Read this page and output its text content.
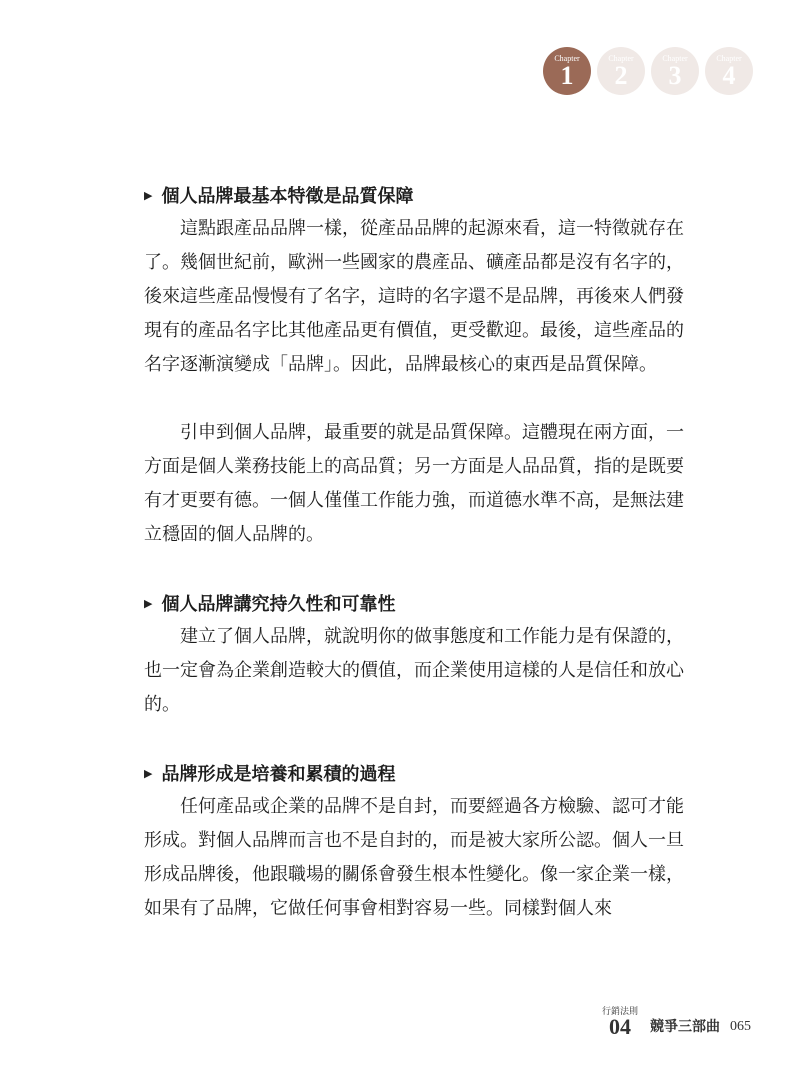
Chapter
1
Chapter
2
Chapter
3
Chapter
4
▶ 個人品牌最基本特徵是品質保障

這點跟產品品牌一樣，從產品品牌的起源來看，這一特徵就存在了。幾個世紀前，歐洲一些國家的農產品、礦產品都是沒有名字的，後來這些產品慢慢有了名字，這時的名字還不是品牌，再後來人們發現有的產品名字比其他產品更有價值，更受歡迎。最後，這些產品的名字逐漸演變成「品牌」。因此，品牌最核心的東西是品質保障。

引申到個人品牌，最重要的就是品質保障。這體現在兩方面，一方面是個人業務技能上的高品質；另一方面是人品品質，指的是既要有才更要有德。一個人僅僅工作能力強，而道德水準不高，是無法建立穩固的個人品牌的。

▶ 個人品牌講究持久性和可靠性

建立了個人品牌，就說明你的做事態度和工作能力是有保證的，也一定會為企業創造較大的價值，而企業使用這樣的人是信任和放心的。

▶ 品牌形成是培養和累積的過程

任何產品或企業的品牌不是自封，而要經過各方檢驗、認可才能形成。對個人品牌而言也不是自封的，而是被大家所公認。個人一旦形成品牌後，他跟職場的關係會發生根本性變化。像一家企業一樣，如果有了品牌，它做任何事會相對容易一些。同樣對個人來

行銷法則
04 競爭三部曲 065
